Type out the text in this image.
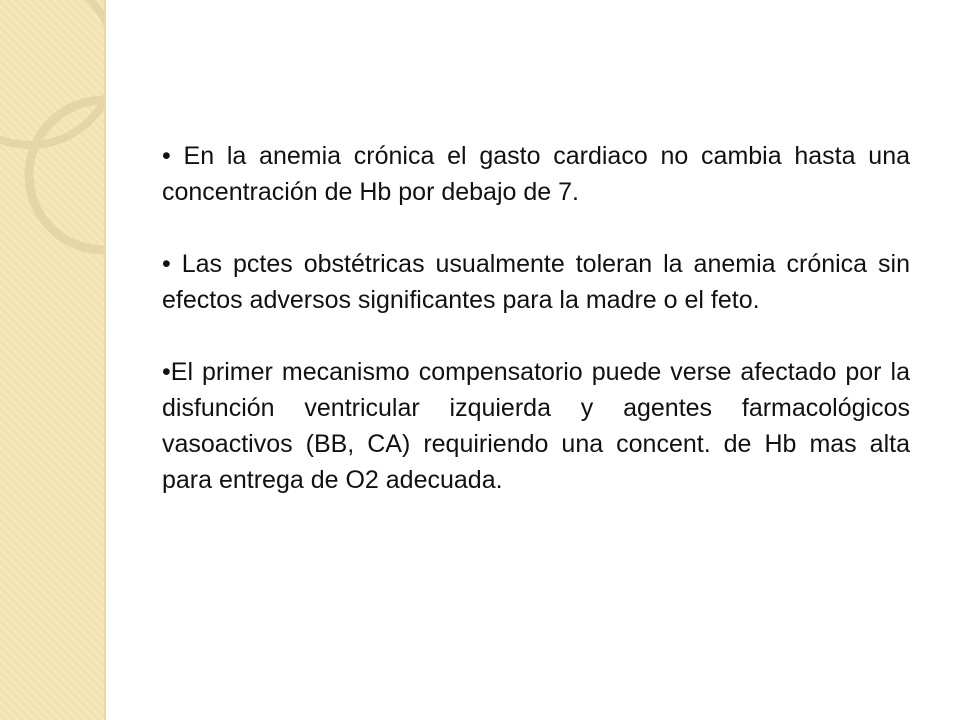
• En la anemia crónica el gasto cardiaco no cambia hasta una concentración de Hb por debajo de 7.

• Las pctes obstétricas usualmente toleran la anemia crónica sin efectos adversos significantes para la madre o el feto.

•El primer mecanismo compensatorio puede verse afectado por la disfunción ventricular izquierda y agentes farmacológicos vasoactivos (BB, CA) requiriendo una concent. de Hb mas alta para entrega de O2 adecuada.
